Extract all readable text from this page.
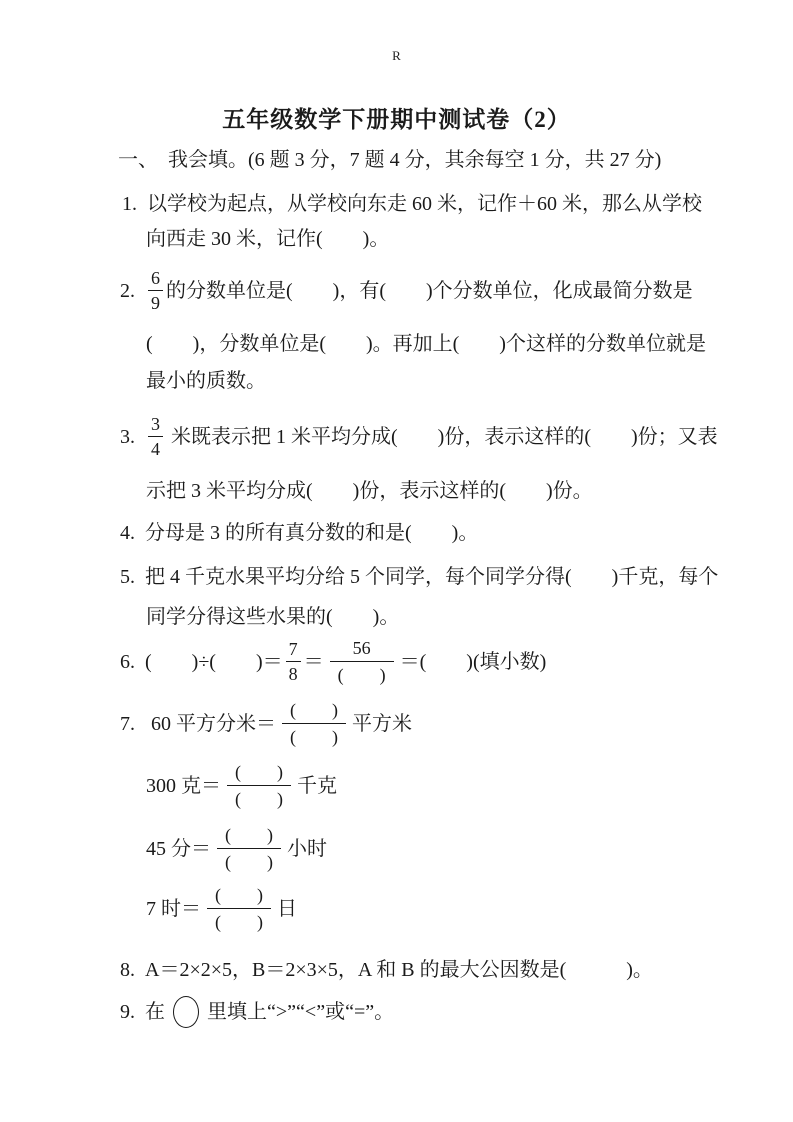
R
五年级数学下册期中测试卷（2）
一、　我会填。(6 题 3 分，7 题 4 分，其余每空 1 分，共 27 分)
1. 以学校为起点，从学校向东走 60 米，记作＋60 米，那么从学校
向西走 30 米，记作(　　)。
2. $\frac{6}{9}$ 的分数单位是(　　)，有(　　)个分数单位，化成最简分数是
(　　)，分数单位是(　　)。再加上(　　)个这样的分数单位就是
最小的质数。
3. $\frac{3}{4}$ 米既表示把 1 米平均分成(　　)份，表示这样的(　　)份；又表
示把 3 米平均分成(　　)份，表示这样的(　　)份。
4. 分母是 3 的所有真分数的和是(　　)。
5. 把 4 千克水果平均分给 5 个同学，每个同学分得(　　)千克，每个
同学分得这些水果的(　　)。
6. (　　)÷(　　)＝ $\frac{7}{8}$ ＝
56
(　　)
＝(　　)(填小数)
7. 60 平方分米＝
(　　)
(　　)
平方米
300 克＝
(　　)
(　　)
千克
45 分＝
(　　)
(　　)
小时
7 时＝
(　　)
(　　)
日
8. A＝2×2×5，B＝2×3×5，A 和 B 的最大公因数是(　　　)。
9. 在 里填上“>”“<”或“=”。
